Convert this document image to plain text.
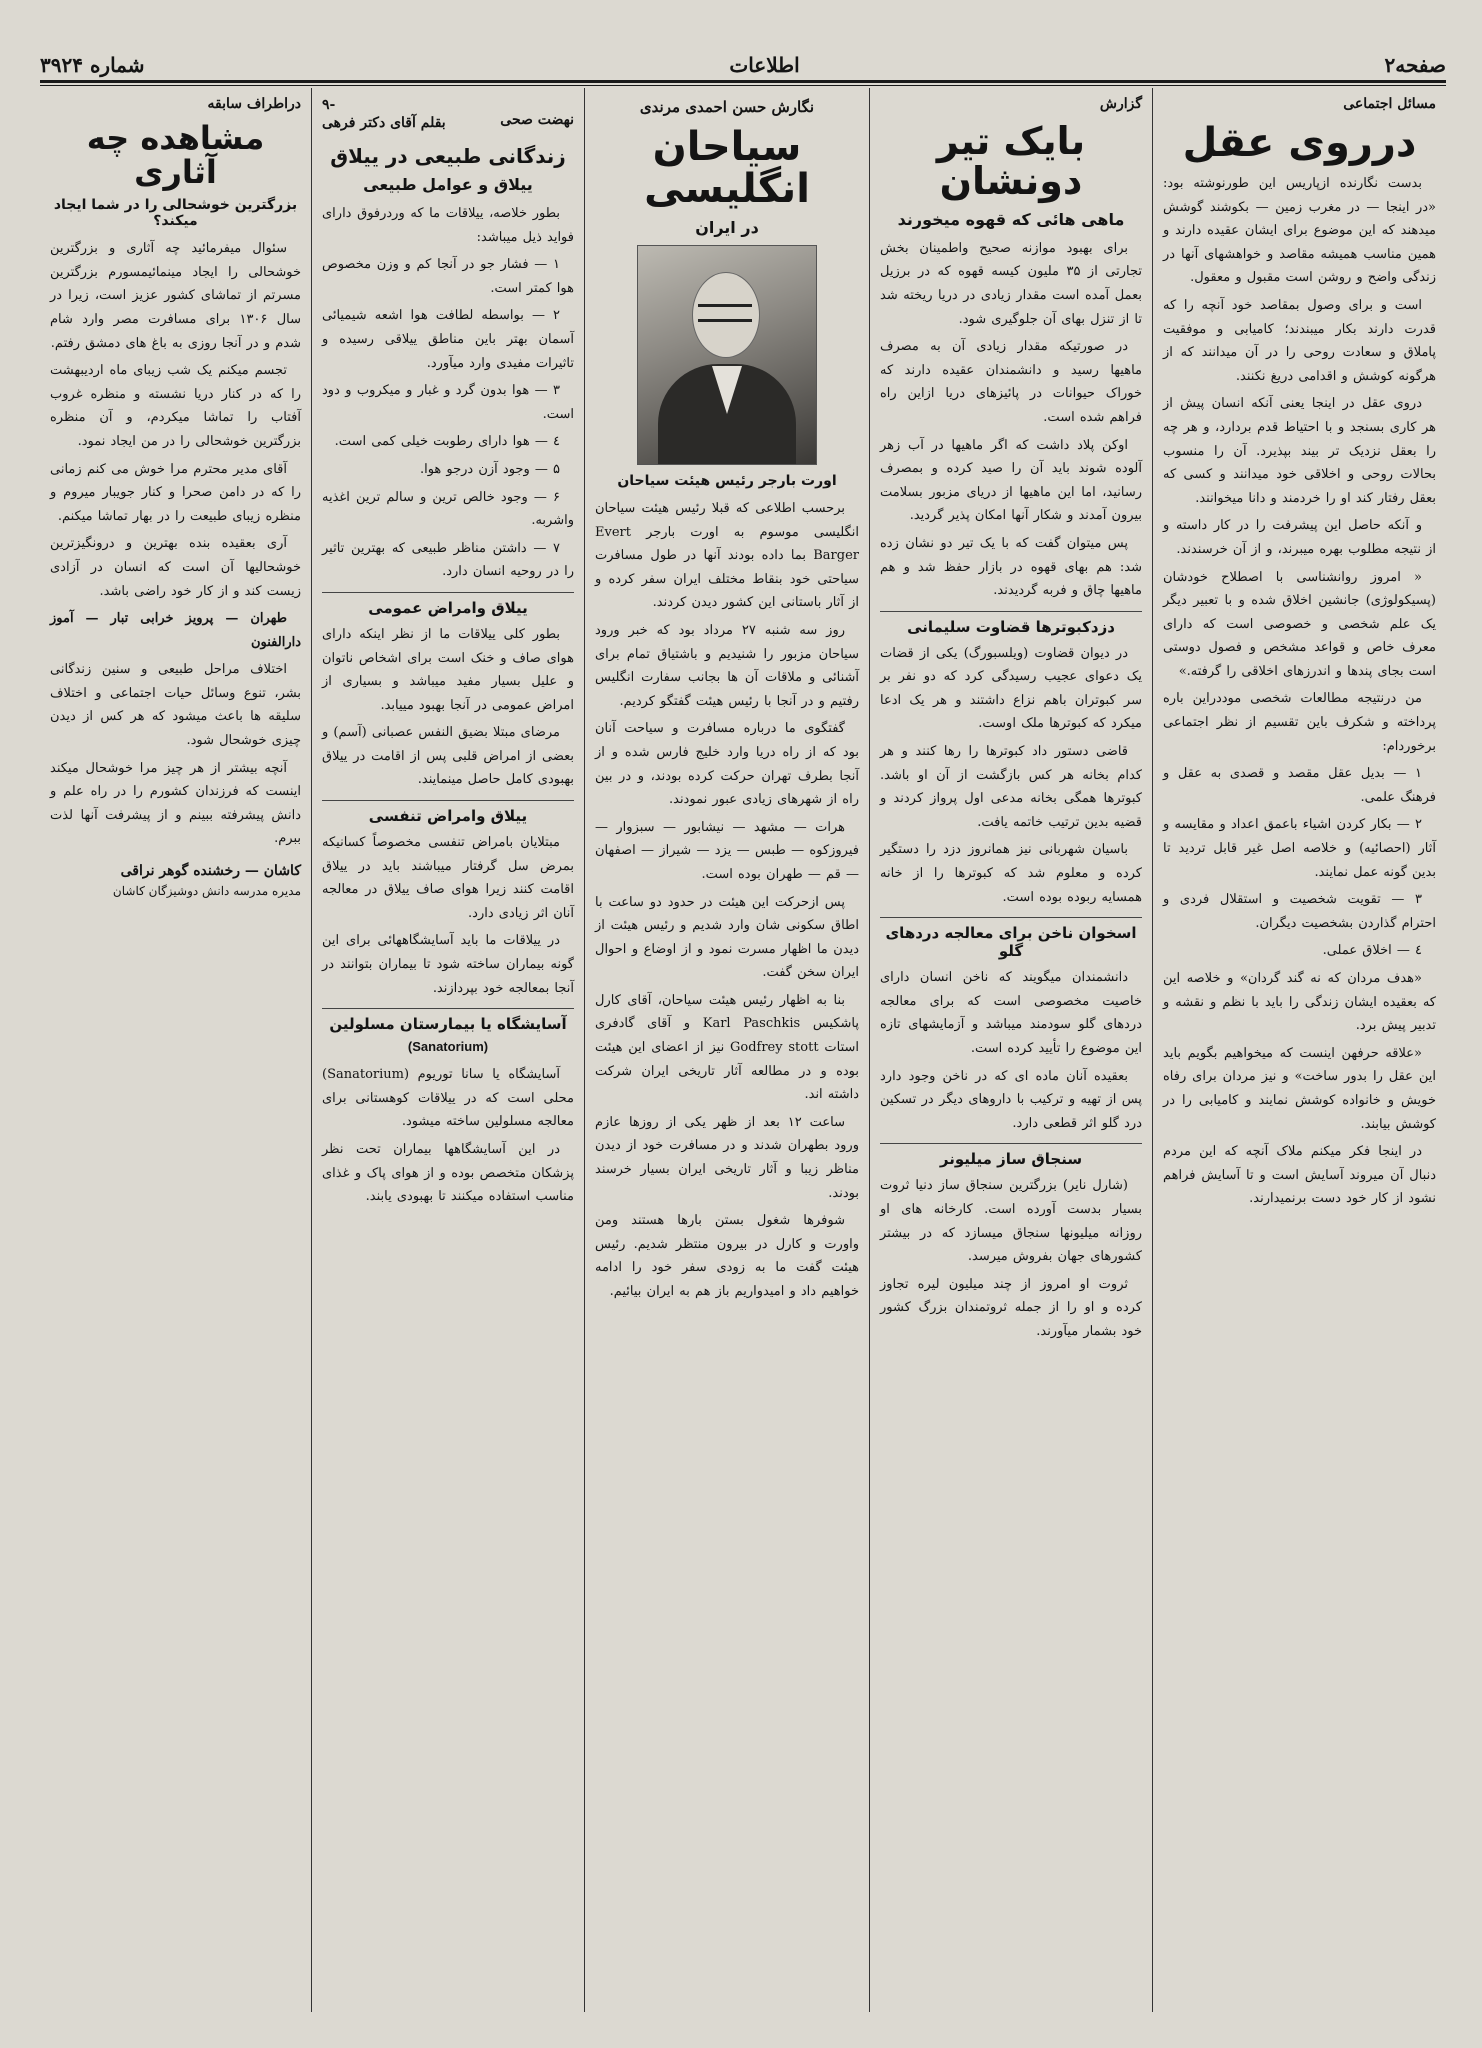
صفحه۲
اطلاعات
شماره ۳۹۲۴
مسائل اجتماعی
درروی عقل

بدست نگارنده ازپاریس این طورنوشته بود: «در اینجا — در مغرب زمین — بکوشند گوشش میدهند که این موضوع برای ایشان عقیده دارند و همین مناسب همیشه مقاصد و خواهشهای آنها در زندگی واضح و روشن است مقبول و معقول.

است و برای وصول بمقاصد خود آنچه را که قدرت دارند بکار میبندند؛ کامیابی و موفقیت پاملاق و سعادت روحی را در آن میدانند که از هرگونه کوشش و اقدامی دریغ نکنند.

دروی عقل در اینجا یعنی آنکه انسان پیش از هر کاری بسنجد و با احتیاط قدم بردارد، و هر چه را بعقل نزدیک تر بیند بپذیرد. آن را منسوب بحالات روحی و اخلاقی خود میدانند و کسی که بعقل رفتار کند او را خردمند و دانا میخوانند.

و آنکه حاصل این پیشرفت را در کار داسته و از نتیجه مطلوب بهره میبرند، و از آن خرسندند.

« امروز روانشناسی با اصطلاح خودشان (پسیکولوژی) جانشین اخلاق شده و با تعبیر دیگر یک علم شخصی و خصوصی است که دارای معرف خاص و قواعد مشخص و فصول دوستی است بجای پندها و اندرزهای اخلاقی را گرفته.»

من درنتیجه مطالعات شخصی موددراین باره پرداخته و شکرف باین تقسیم از نظر اجتماعی برخوردام:

۱ — بدیل عقل مقصد و قصدی به عقل و فرهنگ علمی.

۲ — بکار کردن اشیاء باعمق اعداد و مقایسه و آثار (احصائیه) و خلاصه اصل غیر قابل تردید تا بدین گونه عمل نمایند.

۳ — تقویت شخصیت و استقلال فردی و احترام گذاردن بشخصیت دیگران.

٤ — اخلاق عملی.

«هدف مردان که نه گند گردان» و خلاصه این که بعقیده ایشان زندگی را باید با نظم و نقشه و تدبیر پیش برد.

«علاقه حرفهن اینست که میخواهیم بگویم باید این عقل را بدور ساخت» و نیز مردان برای رفاه خویش و خانواده کوشش نمایند و کامیابی را در کوشش بیابند.

در اینجا فکر میکنم ملاک آنچه که این مردم دنبال آن میروند آسایش است و تا آسایش فراهم نشود از کار خود دست برنمیدارند.

گزارش
بایک تیر دونشان
ماهی هائی که قهوه میخورند

برای بهبود موازنه صحیح واطمینان بخش تجارتی از ۳۵ ملیون کیسه قهوه که در برزیل بعمل آمده است مقدار زیادی در دریا ریخته شد تا از تنزل بهای آن جلوگیری شود.

در صورتیکه مقدار زیادی آن به مصرف ماهیها رسید و دانشمندان عقیده دارند که خوراک حیوانات در پائیزهای دریا ازاین راه فراهم شده است.

اوکن پلاد داشت که اگر ماهیها در آب زهر آلوده شوند باید آن را صید کرده و بمصرف رسانید، اما این ماهیها از دریای مزبور بسلامت بیرون آمدند و شکار آنها امکان پذیر گردید.

پس میتوان گفت که با یک تیر دو نشان زده شد: هم بهای قهوه در بازار حفظ شد و هم ماهیها چاق و فربه گردیدند.

دزدکبوترها قضاوت سلیمانی

در دیوان قضاوت (ویلسبورگ) یکی از قضات یک دعوای عجیب رسیدگی کرد که دو نفر بر سر کبوتران باهم نزاع داشتند و هر یک ادعا میکرد که کبوترها ملک اوست.

قاضی دستور داد کبوترها را رها کنند و هر کدام بخانه هر کس بازگشت از آن او باشد. کبوترها همگی بخانه مدعی اول پرواز کردند و قضیه بدین ترتیب خاتمه یافت.

باسیان شهربانی نیز همانروز دزد را دستگیر کرده و معلوم شد که کبوترها را از خانه همسایه ربوده بوده است.

اسخوان ناخن برای معالجه دردهای گلو

دانشمندان میگویند که ناخن انسان دارای خاصیت مخصوصی است که برای معالجه دردهای گلو سودمند میباشد و آزمایشهای تازه این موضوع را تأیید کرده است.

بعقیده آنان ماده ای که در ناخن وجود دارد پس از تهیه و ترکیب با داروهای دیگر در تسکین درد گلو اثر قطعی دارد.

سنجاق ساز میلیونر

(شارل نایر) بزرگترین سنجاق ساز دنیا ثروت بسیار بدست آورده است. کارخانه های او روزانه میلیونها سنجاق میسازد که در بیشتر کشورهای جهان بفروش میرسد.

ثروت او امروز از چند میلیون لیره تجاوز کرده و او را از جمله ثروتمندان بزرگ کشور خود بشمار میآورند.

نگارش حسن احمدی مرندی
سیاحان انگلیسی
در ایران
اورت بارجر رئیس هیئت سیاحان

برحسب اطلاعی که قبلا رئیس هیئت سیاحان انگلیسی موسوم به اورت بارجر Evert Barger بما داده بودند آنها در طول مسافرت سیاحتی خود بنقاط مختلف ایران سفر کرده و از آثار باستانی این کشور دیدن کردند.

روز سه شنبه ۲۷ مرداد بود که خبر ورود سیاحان مزبور را شنیدیم و باشتیاق تمام برای آشنائی و ملاقات آن ها بجانب سفارت انگلیس رفتیم و در آنجا با رئیس هیئت گفتگو کردیم.

گفتگوی ما درباره مسافرت و سیاحت آنان بود که از راه دریا وارد خلیج فارس شده و از آنجا بطرف تهران حرکت کرده بودند، و در بین راه از شهرهای زیادی عبور نمودند.

هرات — مشهد — نیشابور — سبزوار — فیروزکوه — طبس — یزد — شیراز — اصفهان — قم — طهران بوده است.

پس ازحرکت این هیئت در حدود دو ساعت با اطاق سکونی شان وارد شدیم و رئیس هیئت از دیدن ما اظهار مسرت نمود و از اوضاع و احوال ایران سخن گفت.

بنا به اظهار رئیس هیئت سیاحان، آقای کارل پاشکیس Karl Paschkis و آقای گادفری استات Godfrey stott نیز از اعضای این هیئت بوده و در مطالعه آثار تاریخی ایران شرکت داشته اند.

ساعت ۱۲ بعد از ظهر یکی از روزها عازم ورود بطهران شدند و در مسافرت خود از دیدن مناظر زیبا و آثار تاریخی ایران بسیار خرسند بودند.

شوفرها شغول بستن بارها هستند ومن واورت و کارل در بیرون منتظر شدیم. رئیس هیئت گفت ما به زودی سفر خود را ادامه خواهیم داد و امیدواریم باز هم به ایران بیائیم.

نهضت صحی
-۹
بقلم آقای دکتر فرهی
زندگانی طبیعی در ییلاق
ییلاق و عوامل طبیعی

بطور خلاصه، ییلاقات ما که وردرفوق دارای فواید ذیل میباشد:

۱ — فشار جو در آنجا کم و وزن مخصوص هوا کمتر است.

۲ — بواسطه لطافت هوا اشعه شیمیائی آسمان بهتر باین مناطق ییلاقی رسیده و تاثیرات مفیدی وارد میآورد.

۳ — هوا بدون گرد و غبار و میکروب و دود است.

٤ — هوا دارای رطوبت خیلی کمی است.

۵ — وجود آزن درجو هوا.

۶ — وجود خالص ترین و سالم ترین اغذیه واشربه.

۷ — داشتن مناظر طبیعی که بهترین تاثیر را در روحیه انسان دارد.

ییلاق وامراض عمومی

بطور کلی ییلاقات ما از نظر اینکه دارای هوای صاف و خنک است برای اشخاص ناتوان و علیل بسیار مفید میباشد و بسیاری از امراض عمومی در آنجا بهبود مییابد.

مرضای مبتلا بضیق النفس عصبانی (آسم) و بعضی از امراض قلبی پس از اقامت در ییلاق بهبودی کامل حاصل مینمایند.

ییلاق وامراض تنفسی

مبتلایان بامراض تنفسی مخصوصاً کسانیکه بمرض سل گرفتار میباشند باید در ییلاق اقامت کنند زیرا هوای صاف ییلاق در معالجه آنان اثر زیادی دارد.

در ییلاقات ما باید آسایشگاههائی برای این گونه بیماران ساخته شود تا بیماران بتوانند در آنجا بمعالجه خود بپردازند.

آسایشگاه یا بیمارستان مسلولین
(Sanatorium)

آسایشگاه یا سانا توریوم (Sanatorium) محلی است که در ییلاقات کوهستانی برای معالجه مسلولین ساخته میشود.

در این آسایشگاهها بیماران تحت نظر پزشکان متخصص بوده و از هوای پاک و غذای مناسب استفاده میکنند تا بهبودی یابند.

دراطراف سابقه
مشاهده چه آثاری
بزرگترین خوشحالی را در شما ایجاد میکند؟

سئوال میفرمائید چه آثاری و بزرگترین خوشحالی را ایجاد مینمائیمسورم بزرگترین مسرتم از تماشای کشور عزیز است، زیرا در سال ۱۳۰۶ برای مسافرت مصر وارد شام شدم و در آنجا روزی به باغ های دمشق رفتم.

تجسم میکنم یک شب زیبای ماه اردیبهشت را که در کنار دریا نشسته و منظره غروب آفتاب را تماشا میکردم، و آن منظره بزرگترین خوشحالی را در من ایجاد نمود.

آقای مدیر محترم مرا خوش می کنم زمانی را که در دامن صحرا و کنار جویبار میروم و منظره زیبای طبیعت را در بهار تماشا میکنم.

آری بعقیده بنده بهترین و درونگیزترین خوشحالیها آن است که انسان در آزادی زیست کند و از کار خود راضی باشد.

طهران — پرویز خرابی تبار — آموز دارالفنون

اختلاف مراحل طبیعی و سنین زندگانی بشر، تنوع وسائل حیات اجتماعی و اختلاف سلیقه ها باعث میشود که هر کس از دیدن چیزی خوشحال شود.

آنچه بیشتر از هر چیز مرا خوشحال میکند اینست که فرزندان کشورم را در راه علم و دانش پیشرفته ببینم و از پیشرفت آنها لذت ببرم.

کاشان — رخشنده گوهر نراقی
مدیره مدرسه دانش دوشیزگان کاشان
